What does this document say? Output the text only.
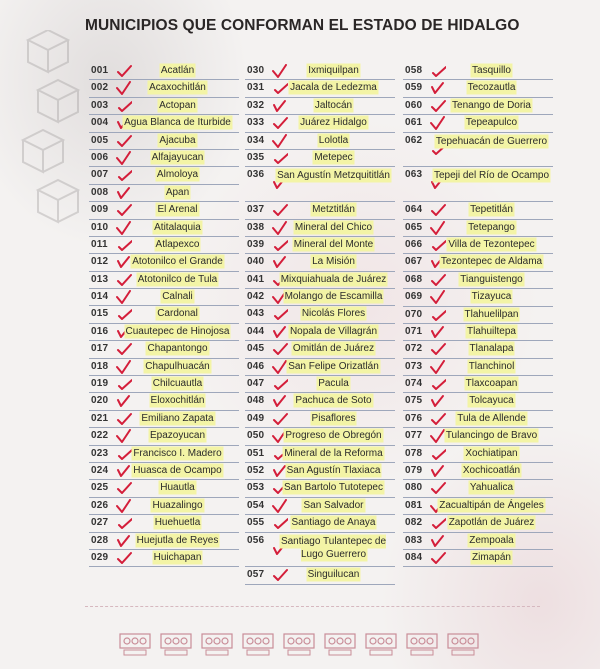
MUNICIPIOS QUE CONFORMAN EL ESTADO DE HIDALGO
001	Acatlán
002	Acaxochitlán
003	Actopan
004	Agua Blanca de Iturbide
005	Ajacuba
006	Alfajayucan
007	Almoloya
008	Apan
009	El Arenal
010	Atitalaquia
011	Atlapexco
012	Atotonilco el Grande
013	Atotonilco de Tula
014	Calnali
015	Cardonal
016	Cuautepec de Hinojosa
017	Chapantongo
018	Chapulhuacán
019	Chilcuautla
020	Eloxochitlán
021	Emiliano Zapata
022	Epazoyucan
023	Francisco I. Madero
024	Huasca de Ocampo
025	Huautla
026	Huazalingo
027	Huehuetla
028	Huejutla de Reyes
029	Huichapan
030	Ixmiquilpan
031	Jacala de Ledezma
032	Jaltocán
033	Juárez Hidalgo
034	Lolotla
035	Metepec
036	San Agustín Metzquititlán
037	Metztitlán
038	Mineral del Chico
039	Mineral del Monte
040	La Misión
041	Mixquiahuala de Juárez
042	Molango de Escamilla
043	Nicolás Flores
044	Nopala de Villagrán
045	Omitlán de Juárez
046	San Felipe Orizatlán
047	Pacula
048	Pachuca de Soto
049	Pisaflores
050	Progreso de Obregón
051	Mineral de la Reforma
052	San Agustín Tlaxiaca
053	San Bartolo Tutotepec
054	San Salvador
055	Santiago de Anaya
056	Santiago Tulantepec de Lugo Guerrero
057	Singuilucan
058	Tasquillo
059	Tecozautla
060	Tenango de Doria
061	Tepeapulco
062	Tepehuacán de Guerrero
063 Tepeji del Río de Ocampo
064	Tepetitlán
065	Tetepango
066	Villa de Tezontepec
067	Tezontepec de Aldama
068	Tianguistengo
069	Tizayuca
070	Tlahuelilpan
071	Tlahuiltepa
072	Tlanalapa
073	Tlanchinol
074	Tlaxcoapan
075	Tolcayuca
076	Tula de Allende
077	Tulancingo de Bravo
078	Xochiatipan
079	Xochicoatlán
080	Yahualica
081	Zacualtipán de Ángeles
082	Zapotlán de Juárez
083	Zempoala
084	Zimapán
